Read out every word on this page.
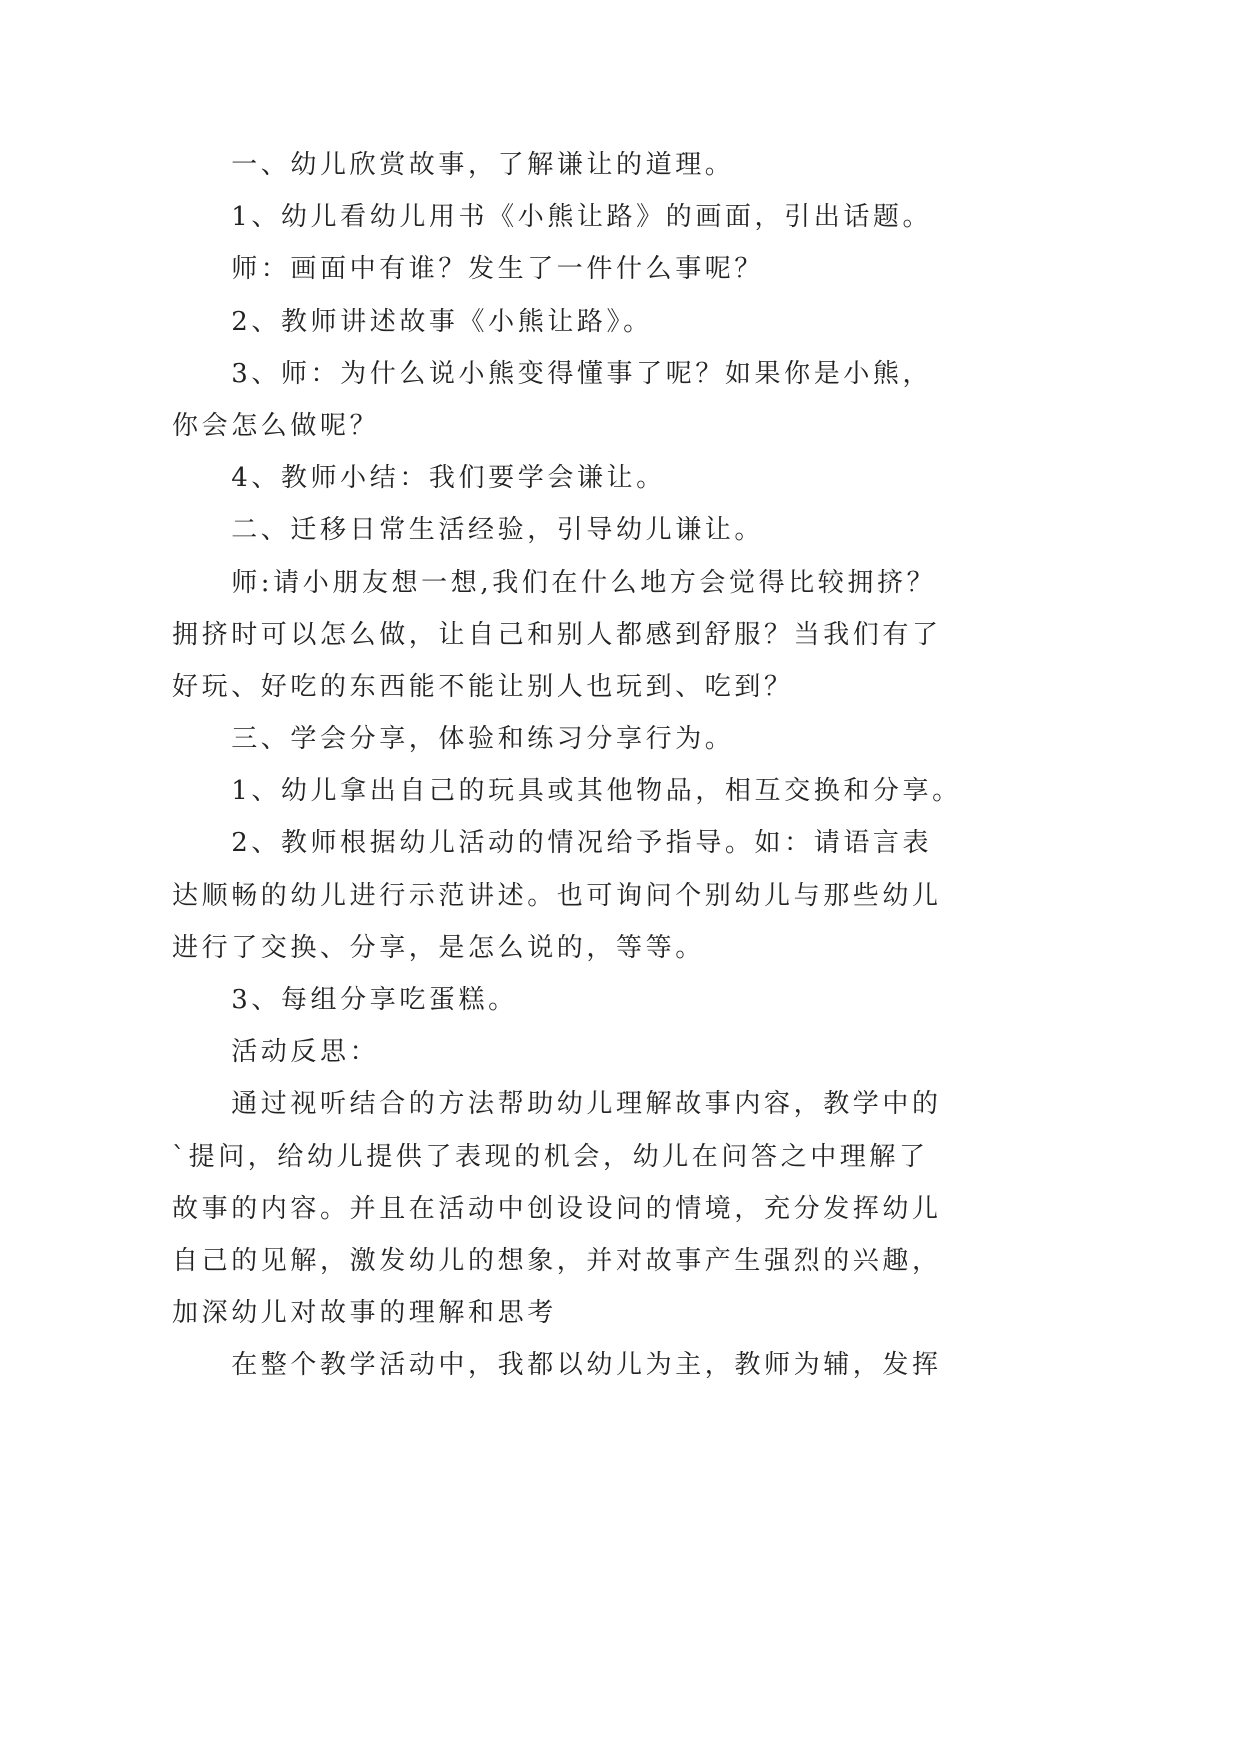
一、幼儿欣赏故事，了解谦让的道理。
1、幼儿看幼儿用书《小熊让路》的画面，引出话题。
师：画面中有谁？发生了一件什么事呢？
2、教师讲述故事《小熊让路》。
3、师：为什么说小熊变得懂事了呢？如果你是小熊，
你会怎么做呢？
4、教师小结：我们要学会谦让。
二、迁移日常生活经验，引导幼儿谦让。
师:请小朋友想一想,我们在什么地方会觉得比较拥挤？
拥挤时可以怎么做，让自己和别人都感到舒服？当我们有了
好玩、好吃的东西能不能让别人也玩到、吃到？
三、学会分享，体验和练习分享行为。
1、幼儿拿出自己的玩具或其他物品，相互交换和分享。
2、教师根据幼儿活动的情况给予指导。如：请语言表
达顺畅的幼儿进行示范讲述。也可询问个别幼儿与那些幼儿
进行了交换、分享，是怎么说的，等等。
3、每组分享吃蛋糕。
活动反思：
通过视听结合的方法帮助幼儿理解故事内容，教学中的
`提问，给幼儿提供了表现的机会，幼儿在问答之中理解了
故事的内容。并且在活动中创设设问的情境，充分发挥幼儿
自己的见解，激发幼儿的想象，并对故事产生强烈的兴趣，
加深幼儿对故事的理解和思考
在整个教学活动中，我都以幼儿为主，教师为辅，发挥
